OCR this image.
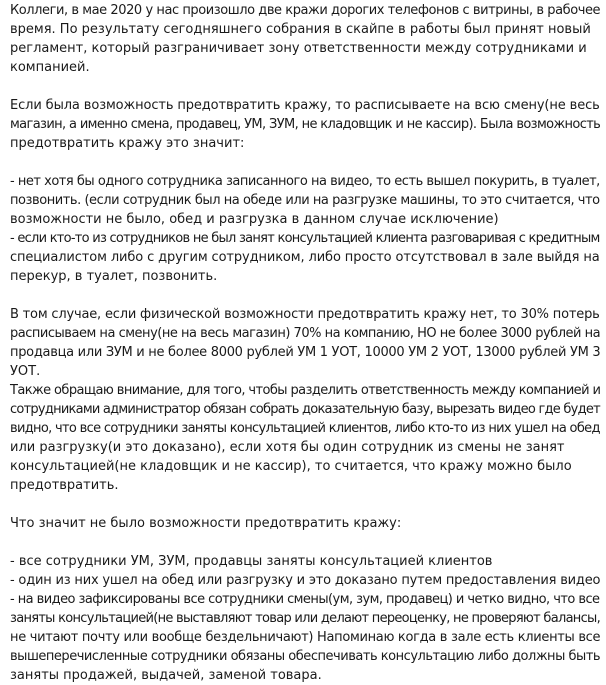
Коллеги, в мае 2020 у нас произошло две кражи дорогих телефонов с витрины, в рабочее
время. По результату сегодняшнего собрания в скайпе в работы был принят новый
регламент, который разграничивает зону ответственности между сотрудниками и
компанией.
Если была возможность предотвратить кражу, то расписываете на всю смену(не весь
магазин, а именно смена, продавец, УМ, ЗУМ, не кладовщик и не кассир). Была возможность
предотвратить кражу это значит:
- нет хотя бы одного сотрудника записанного на видео, то есть вышел покурить, в туалет,
позвонить. (если сотрудник был на обеде или на разгрузке машины, то это считается, что
возможности не было, обед и разгрузка в данном случае исключение)
- если кто-то из сотрудников не был занят консультацией клиента разговаривая с кредитным
специалистом либо с другим сотрудником, либо просто отсутствовал в зале выйдя на
перекур, в туалет, позвонить.
В том случае, если физической возможности предотвратить кражу нет, то 30% потерь
расписываем на смену(не на весь магазин) 70% на компанию, НО не более 3000 рублей на
продавца или ЗУМ и не более 8000 рублей УМ 1 УОТ, 10000 УМ 2 УОТ, 13000 рублей УМ 3
УОТ.
Также обращаю внимание, для того, чтобы разделить ответственность между компанией и
сотрудниками администратор обязан собрать доказательную базу, вырезать видео где будет
видно, что все сотрудники заняты консультацией клиентов, либо кто-то из них ушел на обед
или разгрузку(и это доказано), если хотя бы один сотрудник из смены не занят
консультацией(не кладовщик и не кассир), то считается, что кражу можно было
предотвратить.
Что значит не было возможности предотвратить кражу:
- все сотрудники УМ, ЗУМ, продавцы заняты консультацией клиентов
- один из них ушел на обед или разгрузку и это доказано путем предоставления видео
- на видео зафиксированы все сотрудники смены(ум, зум, продавец) и четко видно, что все
заняты консультацией(не выставляют товар или делают переоценку, не проверяют балансы,
не читают почту или вообще бездельничают) Напоминаю когда в зале есть клиенты все
вышеперечисленные сотрудники обязаны обеспечивать консультацию либо должны быть
заняты продажей, выдачей, заменой товара.
